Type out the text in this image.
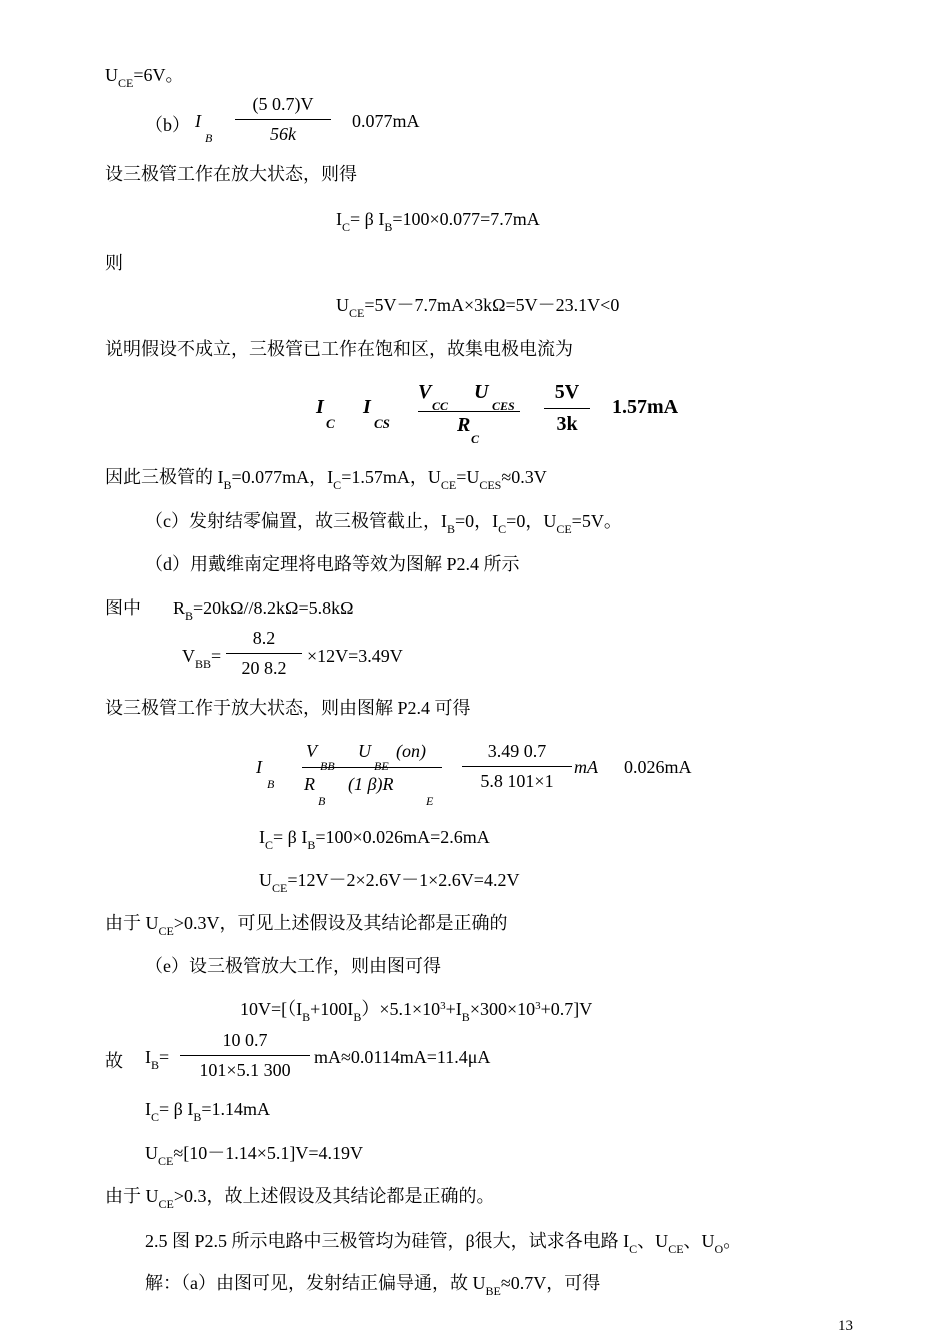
$U_{CE}=6V$。
（b） I
B
(5 0.7)V
56k
0.077mA
设三极管工作在放大状态，则得
$I_C= \beta$ $I_B=100\times 0.077=7.7mA$
则
$U_{CE}=5V-7.7mA\times 3k\Omega=5V-23.1V<0$
说明假设不成立，三极管已工作在饱和区，故集电极电流为
I
C
I
CS
V
CC
U
CES
R
C
5V
3k
1.57mA
因此三极管的 $I_B=0.077mA$，$I_C=1.57mA$，$U_{CE}=U_{CES}\approx 0.3V$
（c）发射结零偏置，故三极管截止，$I_B=0$，$I_C=0$，$U_{CE}=5V$。
（d）用戴维南定理将电路等效为图解 P2.4 所示
图中 $R_B=20k\Omega//8.2k\Omega=5.8k\Omega$
$V_{BB}=$
8.2
20 8.2
×12V=3.49V
设三极管工作于放大状态，则由图解 P2.4 可得
I
B
V
BB
U
BE
(on)
R
B
(1 β)R
E
3.49 0.7
5.8 101×1
mA 0.026mA
$I_C= \beta$ $I_B=100\times 0.026mA=2.6mA$
$U_{CE}=12V-2\times 2.6V-1\times 2.6V=4.2V$
由于 $U_{CE}>0.3V$，可见上述假设及其结论都是正确的
（e）设三极管放大工作，则由图可得
$10V=[(I_B+100I_B)\times 5.1\times 10^3+I_B\times 300\times 10^3+0.7]V$
故 $I_B=$
10 0.7
101×5.1 300
mA≈0.0114mA=11.4μA
$I_C= \beta$ $I_B=1.14mA$
$U_{CE}\approx[10-1.14\times 5.1]V=4.19V$
由于 $U_{CE}>0.3$，故上述假设及其结论都是正确的。
2.5 图 P2.5 所示电路中三极管均为硅管，β很大，试求各电路 $I_C$、$U_{CE}$、$U_O$。
解：（a）由图可见，发射结正偏导通，故 $U_{BE}\approx 0.7V$，可得
13
